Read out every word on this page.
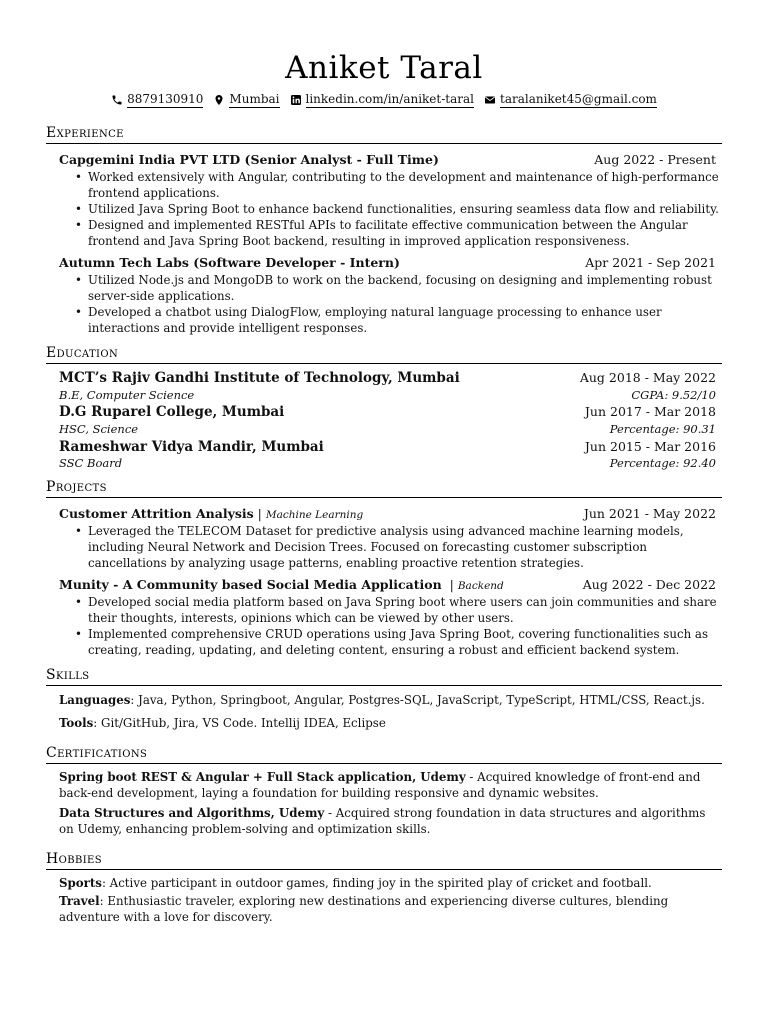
Aniket Taral
8879130910 Mumbai linkedin.com/in/aniket-taral taralaniket45@gmail.com
Experience
Capgemini India PVT LTD (Senior Analyst - Full Time)	Aug 2022 - Present
• Worked extensively with Angular, contributing to the development and maintenance of high-performance frontend applications.
• Utilized Java Spring Boot to enhance backend functionalities, ensuring seamless data flow and reliability.
• Designed and implemented RESTful APIs to facilitate effective communication between the Angular frontend and Java Spring Boot backend, resulting in improved application responsiveness.
Autumn Tech Labs (Software Developer - Intern)	Apr 2021 - Sep 2021
• Utilized Node.js and MongoDB to work on the backend, focusing on designing and implementing robust server-side applications.
• Developed a chatbot using DialogFlow, employing natural language processing to enhance user interactions and provide intelligent responses.
Education
MCT’s Rajiv Gandhi Institute of Technology, Mumbai	Aug 2018 - May 2022
B.E, Computer Science	CGPA: 9.52/10
D.G Ruparel College, Mumbai	Jun 2017 - Mar 2018
HSC, Science	Percentage: 90.31
Rameshwar Vidya Mandir, Mumbai	Jun 2015 - Mar 2016
SSC Board	Percentage: 92.40
Projects
Customer Attrition Analysis | Machine Learning	Jun 2021 - May 2022
• Leveraged the TELECOM Dataset for predictive analysis using advanced machine learning models, including Neural Network and Decision Trees. Focused on forecasting customer subscription cancellations by analyzing usage patterns, enabling proactive retention strategies.
Munity - A Community based Social Media Application  | Backend	Aug 2022 - Dec 2022
• Developed social media platform based on Java Spring boot where users can join communities and share their thoughts, interests, opinions which can be viewed by other users.
• Implemented comprehensive CRUD operations using Java Spring Boot, covering functionalities such as creating, reading, updating, and deleting content, ensuring a robust and efficient backend system.
Skills
Languages: Java, Python, Springboot, Angular, Postgres-SQL, JavaScript, TypeScript, HTML/CSS, React.js.
Tools: Git/GitHub, Jira, VS Code. Intellij IDEA, Eclipse
Certifications
Spring boot REST & Angular + Full Stack application, Udemy - Acquired knowledge of front-end and back-end development, laying a foundation for building responsive and dynamic websites.
Data Structures and Algorithms, Udemy - Acquired strong foundation in data structures and algorithms on Udemy, enhancing problem-solving and optimization skills.
Hobbies
Sports: Active participant in outdoor games, finding joy in the spirited play of cricket and football.
Travel: Enthusiastic traveler, exploring new destinations and experiencing diverse cultures, blending adventure with a love for discovery.
